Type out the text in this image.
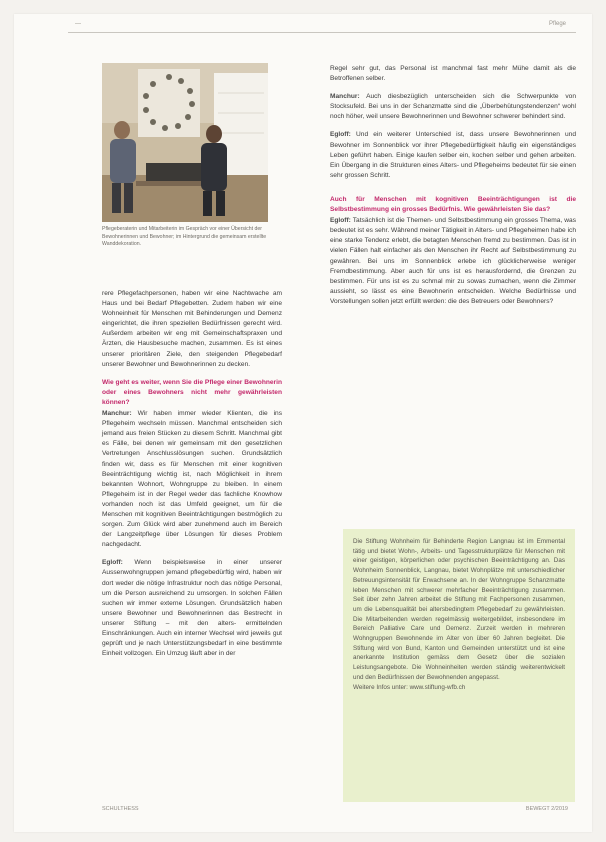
—	Pflege
Pflegeberaterin und Mitarbeiterin im Gespräch vor einer Übersicht der Bewohnerinnen und Bewohner; im Hintergrund die gemeinsam erstellte Wanddekoration.

rere Pflegefachpersonen, haben wir eine Nachtwache am Haus und bei Bedarf Pflegebetten. Zudem haben wir eine Wohneinheit für Menschen mit Behinderungen und Demenz eingerichtet, die ihren speziellen Bedürfnissen gerecht wird. Außerdem arbeiten wir eng mit Gemeinschaftspraxen und Ärzten, die Hausbesuche machen, zusammen. Es ist eines unserer prioritären Ziele, den steigenden Pflegebedarf unserer Bewohner und Bewohnerinnen zu decken.

Wie geht es weiter, wenn Sie die Pflege einer Bewohnerin oder eines Bewohners nicht mehr gewährleisten können?

Manchur: Wir haben immer wieder Klienten, die ins Pflegeheim wechseln müssen. Manchmal entscheiden sich jemand aus freien Stücken zu diesem Schritt. Manchmal gibt es Fälle, bei denen wir gemeinsam mit den gesetzlichen Vertretungen Anschlusslösungen suchen. Grundsätzlich finden wir, dass es für Menschen mit einer kognitiven Beeinträchtigung wichtig ist, nach Möglichkeit in ihrem bekannten Wohnort, Wohngruppe zu bleiben. In einem Pflegeheim ist in der Regel weder das fachliche Knowhow vorhanden noch ist das Umfeld geeignet, um für die Menschen mit kognitiven Beeinträchtigungen bestmöglich zu sorgen. Zum Glück wird aber zunehmend auch im Bereich der Langzeitpflege über Lösungen für dieses Problem nachgedacht.

Egloff: Wenn beispielsweise in einer unserer Aussenwohngruppen jemand pflegebedürftig wird, haben wir dort weder die nötige Infrastruktur noch das nötige Personal, um die Person ausreichend zu umsorgen. In solchen Fällen suchen wir immer externe Lösungen. Grundsätzlich haben unsere Bewohner und Bewohnerinnen das Bestrecht in unserer Stiftung – mit den alters- ermittelnden Einschränkungen. Auch ein interner Wechsel wird jeweils gut geprüft und je nach Unterstützungsbedarf in eine bestimmte Einheit vollzogen. Ein Umzug läuft aber in der

Regel sehr gut, das Personal ist manchmal fast mehr Mühe damit als die Betroffenen selber.

Manchur: Auch diesbezüglich unterscheiden sich die Schwerpunkte von Stocksufeld. Bei uns in der Schanzmatte sind die „Überbehütungstendenzen“ wohl noch höher, weil unsere Bewohnerinnen und Bewohner schwerer behindert sind.

Egloff: Und ein weiterer Unterschied ist, dass unsere Bewohnerinnen und Bewohner im Sonnenblick vor ihrer Pflegebedürftigkeit häufig ein eigenständiges Leben geführt haben. Einige kaufen selber ein, kochen selber und gehen arbeiten. Ein Übergang in die Strukturen eines Alters- und Pflegeheims bedeutet für sie einen sehr grossen Schritt.

Auch für Menschen mit kognitiven Beeinträchtigungen ist die Selbstbestimmung ein grosses Bedürfnis. Wie gewährleisten Sie das?

Egloff: Tatsächlich ist die Themen- und Selbstbestimmung ein grosses Thema, was bedeutet ist es sehr. Während meiner Tätigkeit in Alters- und Pflegeheimen habe ich eine starke Tendenz erlebt, die betagten Menschen fremd zu bestimmen. Das ist in vielen Fällen halt einfacher als den Menschen ihr Recht auf Selbstbestimmung zu gewähren. Bei uns im Sonnenblick erlebe ich glücklicherweise weniger Fremdbestimmung. Aber auch für uns ist es herausfordernd, die Grenzen zu bestimmen. Für uns ist es zu schmal mir zu sowas zumachen, wenn die Zimmer aussieht, so lässt es eine Bewohnerin entscheiden. Welche Bedürfnisse und Vorstellungen sollen jetzt erfüllt werden: die des Betreuers oder Bewohners?

Die Stiftung Wohnheim für Behinderte Region Langnau ist im Emmental tätig und bietet Wohn-, Arbeits- und Tagesstrukturplätze für Menschen mit einer geistigen, körperlichen oder psychischen Beeinträchtigung an. Das Wohnheim Sonnenblick, Langnau, bietet Wohnplätze mit unterschiedlicher Betreuungsintensität für Erwachsene an. In der Wohngruppe Schanzmatte leben Menschen mit schwerer mehrfacher Beeinträchtigung zusammen. Seit über zehn Jahren arbeitet die Stiftung mit Fachpersonen zusammen, um die Lebensqualität bei altersbedingtem Pflegebedarf zu gewährleisten. Die Mitarbeitenden werden regelmässig weitergebildet, insbesondere im Bereich Palliative Care und Demenz. Zurzeit werden in mehreren Wohngruppen Bewohnende im Alter von über 60 Jahren begleitet. Die Stiftung wird von Bund, Kanton und Gemeinden unterstützt und ist eine anerkannte Institution gemäss dem Gesetz über die sozialen Leistungsangebote. Die Wohneinheiten werden ständig weiterentwickelt und den Bedürfnissen der Bewohnenden angepasst.

Weitere Infos unter: www.stiftung-wfb.ch

SCHULTHESS	BEWEGT 2/2019
